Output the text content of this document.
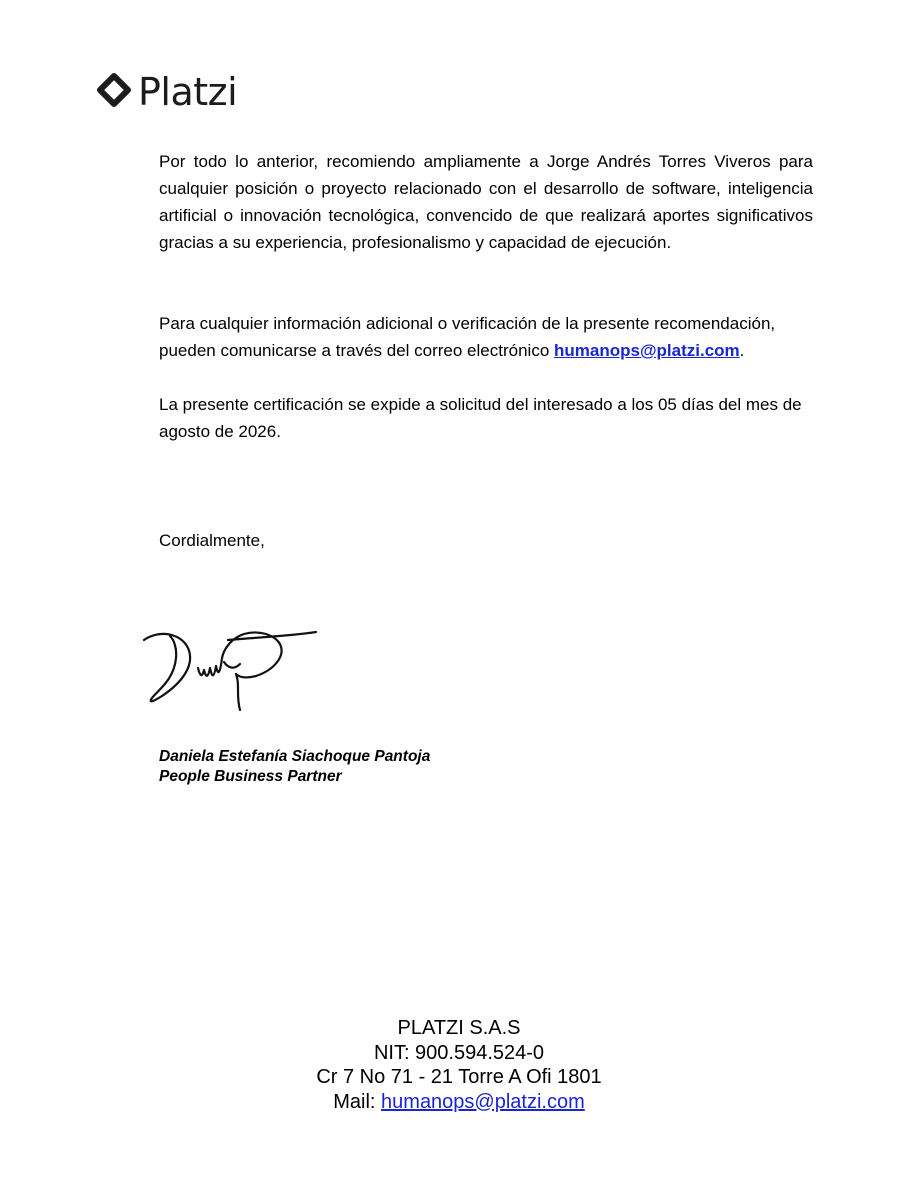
Platzi

Por todo lo anterior, recomiendo ampliamente a Jorge Andrés Torres Viveros para cualquier posición o proyecto relacionado con el desarrollo de software, inteligencia artificial o innovación tecnológica, convencido de que realizará aportes significativos gracias a su experiencia, profesionalismo y capacidad de ejecución.

Para cualquier información adicional o verificación de la presente recomendación, pueden comunicarse a través del correo electrónico humanops@platzi.com.

La presente certificación se expide a solicitud del interesado a los 05 días del mes de agosto de 2026.

Cordialmente,

Daniela Estefanía Siachoque Pantoja
People Business Partner
PLATZI S.A.S
NIT: 900.594.524-0
Cr 7 No 71 - 21 Torre A Ofi 1801
Mail: humanops@platzi.com
